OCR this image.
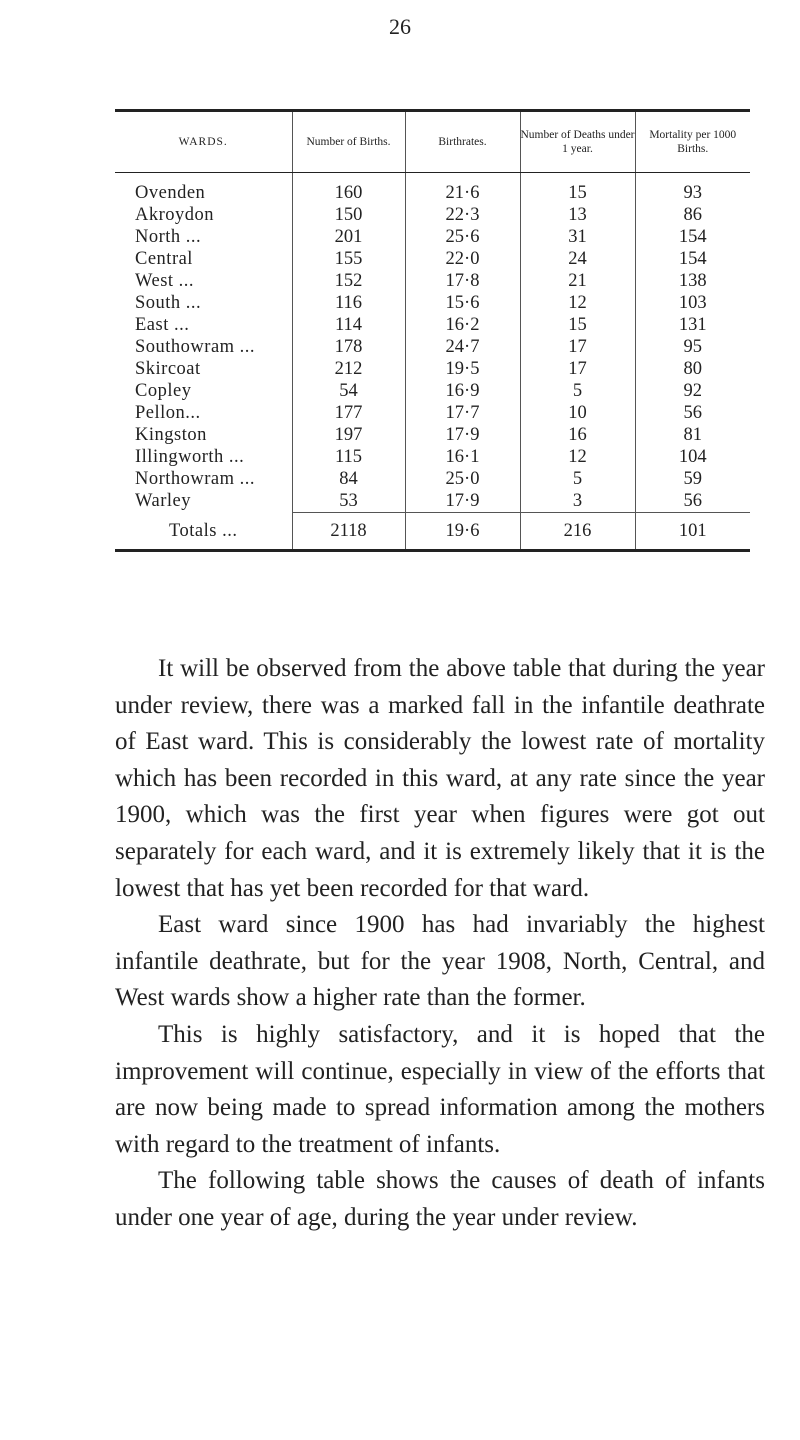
26
WARDS.	Number of Births.	Birthrates.	Number of Deaths under 1 year.	Mortality per 1000 Births.
Ovenden	160	21·6	15	93
Akroydon	150	22·3	13	86
North ...	201	25·6	31	154
Central	155	22·0	24	154
West ...	152	17·8	21	138
South ...	116	15·6	12	103
East ...	114	16·2	15	131
Southowram ...	178	24·7	17	95
Skircoat	212	19·5	17	80
Copley	54	16·9	5	92
Pellon...	177	17·7	10	56
Kingston	197	17·9	16	81
Illingworth ...	115	16·1	12	104
Northowram ...	84	25·0	5	59
Warley	53	17·9	3	56
Totals ...	2118	19·6	216	101

It will be observed from the above table that during the year under review, there was a marked fall in the infantile deathrate of East ward. This is considerably the lowest rate of mortality which has been recorded in this ward, at any rate since the year 1900, which was the first year when figures were got out separately for each ward, and it is extremely likely that it is the lowest that has yet been recorded for that ward.

East ward since 1900 has had invariably the highest infantile deathrate, but for the year 1908, North, Central, and West wards show a higher rate than the former.

This is highly satisfactory, and it is hoped that the improvement will continue, especially in view of the efforts that are now being made to spread information among the mothers with regard to the treatment of infants.

The following table shows the causes of death of infants under one year of age, during the year under review.
